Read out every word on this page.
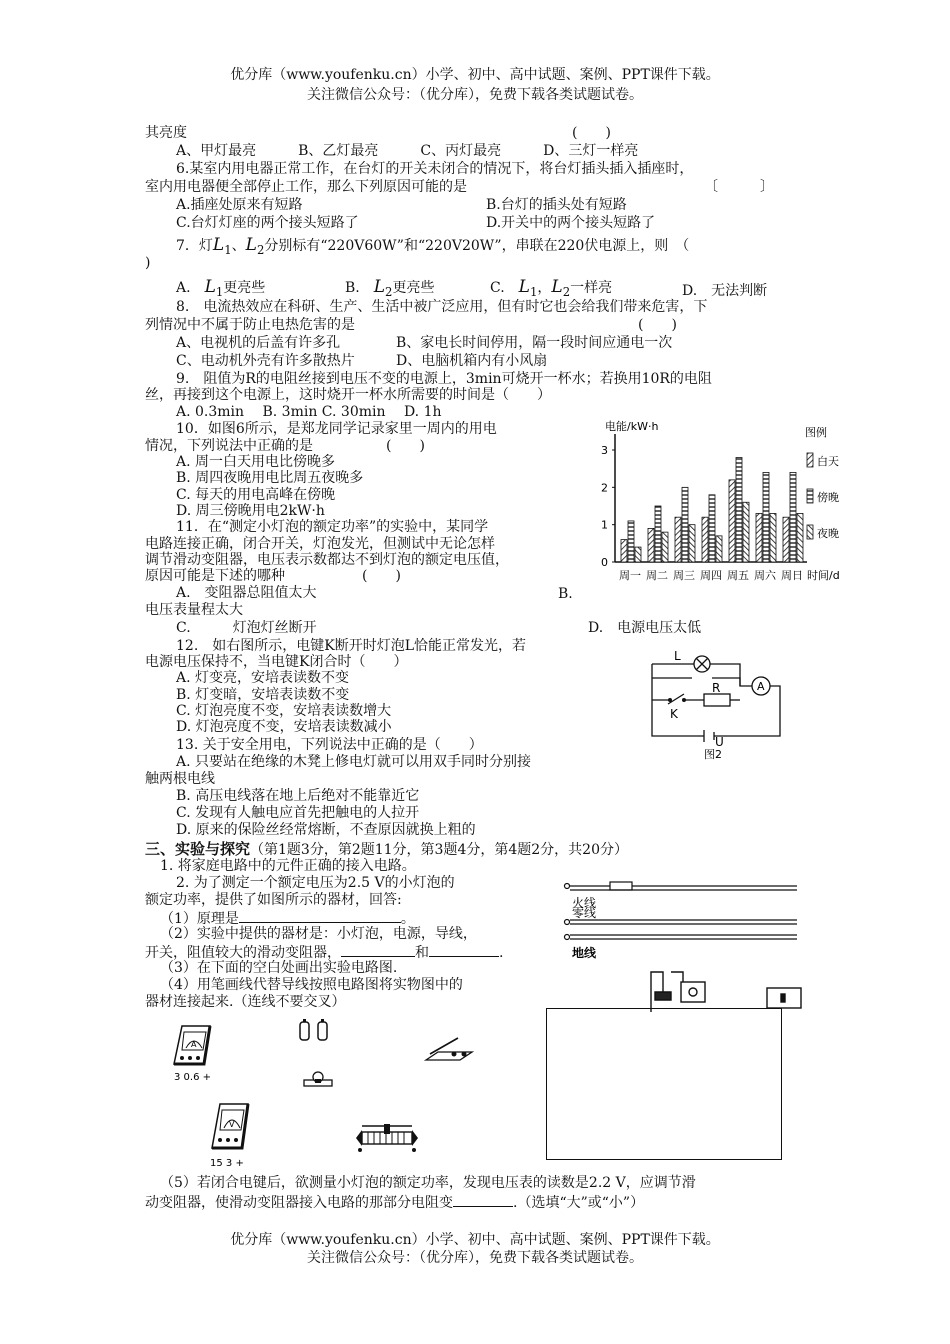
优分库（www.youfenku.cn）小学、初中、高中试题、案例、PPT课件下载。
关注微信公众号：（优分库），免费下载各类试题试卷。
其亮度	(　　)
A、甲灯最亮　　　B、乙灯最亮　　　C、丙灯最亮　　　D、三灯一样亮
6.某室内用电器正常工作，在台灯的开关未闭合的情况下，将台灯插头插入插座时，
室内用电器便全部停止工作，那么下列原因可能的是	〔　　　〕
A.插座处原来有短路	B.台灯的插头处有短路
C.台灯灯座的两个接头短路了	D.开关中的两个接头短路了
7．灯$L_1$、$L_2$分别标有“220V60W”和“220V20W”，串联在220伏电源上，则　（
)
A.　 $L_1$更亮些	B.　 $L_2$更亮些	C.　 $L_1$，$L_2$一样亮	D.　无法判断
8.　电流热效应在科研、生产、生活中被广泛应用，但有时它也会给我们带来危害，下
列情况中不属于防止电热危害的是	(　　)
A、电视机的后盖有许多孔	B、家电长时间停用，隔一段时间应通电一次
C、电动机外壳有许多散热片	D、电脑机箱内有小风扇
9.　阻值为R的电阻丝接到电压不变的电源上，3min可烧开一杯水；若换用10R的电阻
丝，再接到这个电源上，这时烧开一杯水所需要的时间是（　　）
A. 0.3min　 B. 3min C. 30min　 D. 1h
10．如图6所示，是郑龙同学记录家里一周内的用电
情况，下列说法中正确的是	(　　)
A. 周一白天用电比傍晚多
B. 周四夜晚用电比周五夜晚多
C. 每天的用电高峰在傍晚
D. 周三傍晚用电2kW·h
电能/kW·h
0
1
2
3
周一 周二 周三 周四 周五 周六 周日 时间/d
图例
白天
傍晚
夜晚
11．在“测定小灯泡的额定功率”的实验中，某同学
电路连接正确，闭合开关，灯泡发光，但测试中无论怎样
调节滑动变阻器，电压表示数都达不到灯泡的额定电压值，
原因可能是下述的哪种	(　　)
A.　变阻器总阻值太大	B.
电压表量程太大
C.　　　灯泡灯丝断开	D.　电源电压太低
12.　如右图所示，电键K断开时灯泡L恰能正常发光，若
电源电压保持不，当电键K闭合时（　　）
A. 灯变亮，安培表读数不变
B. 灯变暗，安培表读数不变
C. 灯泡亮度不变，安培表读数增大
D. 灯泡亮度不变，安培表读数减小
L
R	A
K
U
图2
13. 关于安全用电，下列说法中正确的是（　　）
A. 只要站在绝缘的木凳上修电灯就可以用双手同时分别接
触两根电线
B. 高压电线落在地上后绝对不能靠近它
C. 发现有人触电应首先把触电的人拉开
D. 原来的保险丝经常熔断，不查原因就换上粗的
三、实验与探究（第1题3分，第2题11分，第3题4分，第4题2分，共20分）
1. 将家庭电路中的元件正确的接入电路。
2. 为了测定一个额定电压为2.5 V的小灯泡的
额定功率，提供了如图所示的器材，回答:
（1）原理是	。
（2）实验中提供的器材是：小灯泡，电源，导线，
开关，阻值较大的滑动变阻器，	和	.
（3）在下面的空白处画出实验电路图.
（4）用笔画线代替导线按照电路图将实物图中的
器材连接起来.（连线不要交叉）
火线
零线
地线
A
3 0.6 +
V
15 3 +
（5）若闭合电键后，欲测量小灯泡的额定功率，发现电压表的读数是2.2 V，应调节滑
动变阻器，使滑动变阻器接入电路的那部分电阻变	.（选填“大”或“小”）
优分库（www.youfenku.cn）小学、初中、高中试题、案例、PPT课件下载。
关注微信公众号：（优分库），免费下载各类试题试卷。
